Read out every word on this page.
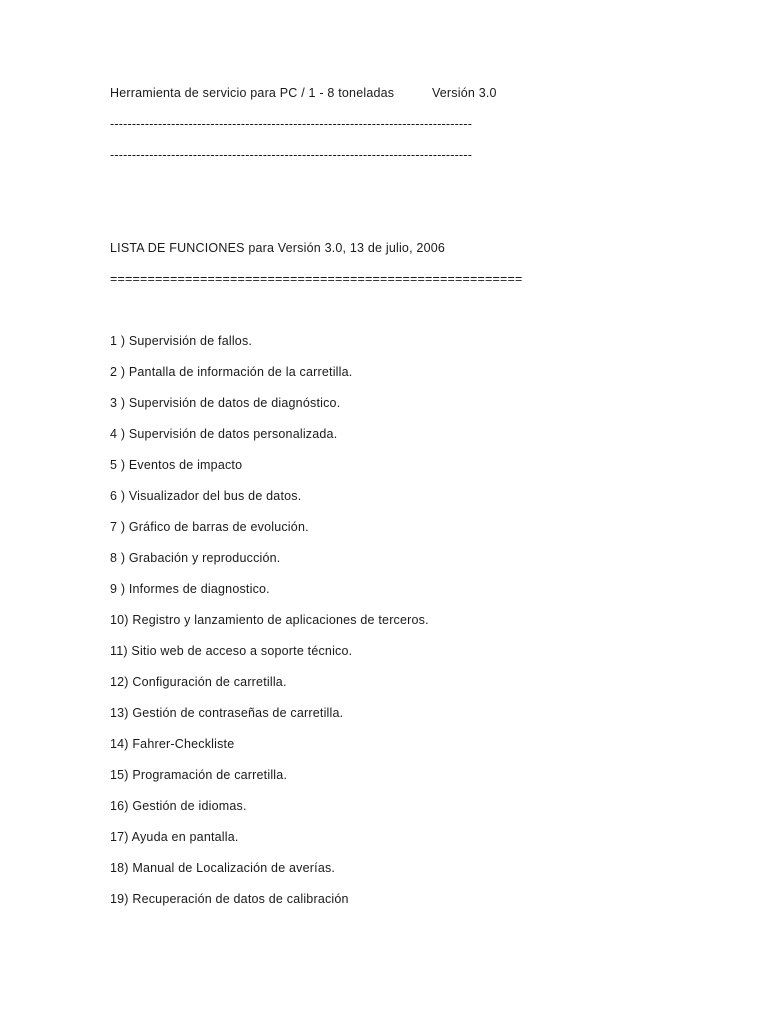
Herramienta de servicio para PC / 1 - 8 toneladas	Versión 3.0
-----------------------------------------------------------------------------------
-----------------------------------------------------------------------------------
LISTA DE FUNCIONES para Versión 3.0, 13 de julio, 2006
=======================================================
1 ) Supervisión de fallos.
2 ) Pantalla de información de la carretilla.
3 ) Supervisión de datos de diagnóstico.
4 ) Supervisión de datos personalizada.
5 ) Eventos de impacto
6 ) Visualizador del bus de datos.
7 ) Gráfico de barras de evolución.
8 ) Grabación y reproducción.
9 ) Informes de diagnostico.
10) Registro y lanzamiento de aplicaciones de terceros.
11) Sitio web de acceso a soporte técnico.
12) Configuración de carretilla.
13) Gestión de contraseñas de carretilla.
14) Fahrer-Checkliste
15) Programación de carretilla.
16) Gestión de idiomas.
17) Ayuda en pantalla.
18) Manual de Localización de averías.
19) Recuperación de datos de calibración
